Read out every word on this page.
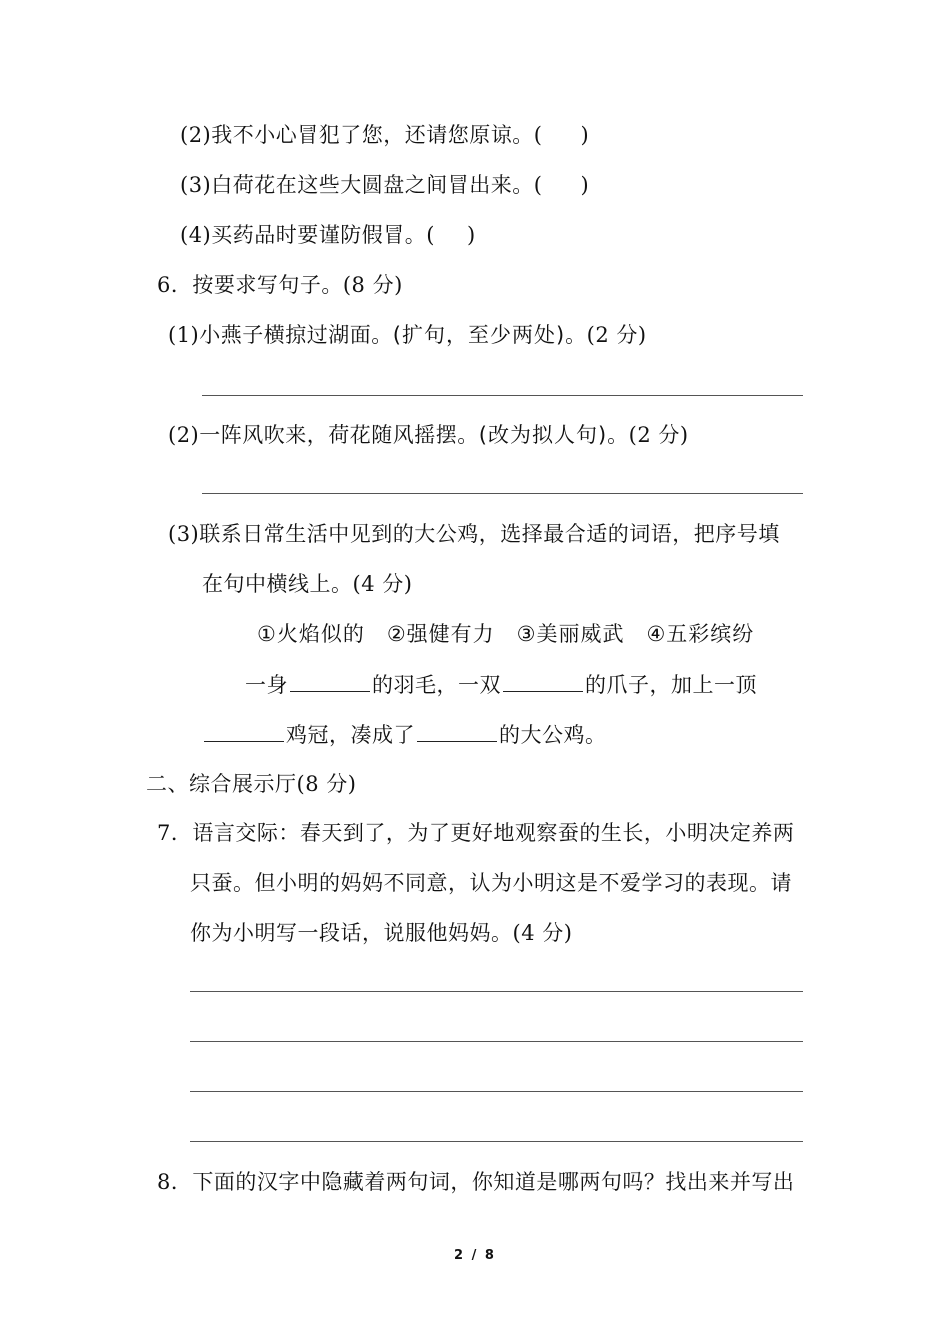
(2)我不小心冒犯了您，还请您原谅。( )
(3)白荷花在这些大圆盘之间冒出来。( )
(4)买药品时要谨防假冒。( )
6．按要求写句子。(8 分)
(1)小燕子横掠过湖面。(扩句，至少两处)。(2 分)
(2)一阵风吹来，荷花随风摇摆。(改为拟人句)。(2 分)
(3)联系日常生活中见到的大公鸡，选择最合适的词语，把序号填
在句中横线上。(4 分)
①火焰似的 ②强健有力 ③美丽威武 ④五彩缤纷
一身	的羽毛，一双	的爪子，加上一顶
鸡冠，凑成了	的大公鸡。
二、综合展示厅(8 分)
7．语言交际：春天到了，为了更好地观察蚕的生长，小明决定养两
只蚕。但小明的妈妈不同意，认为小明这是不爱学习的表现。请
你为小明写一段话，说服他妈妈。(4 分)
8．下面的汉字中隐藏着两句词，你知道是哪两句吗？找出来并写出
2 / 8
